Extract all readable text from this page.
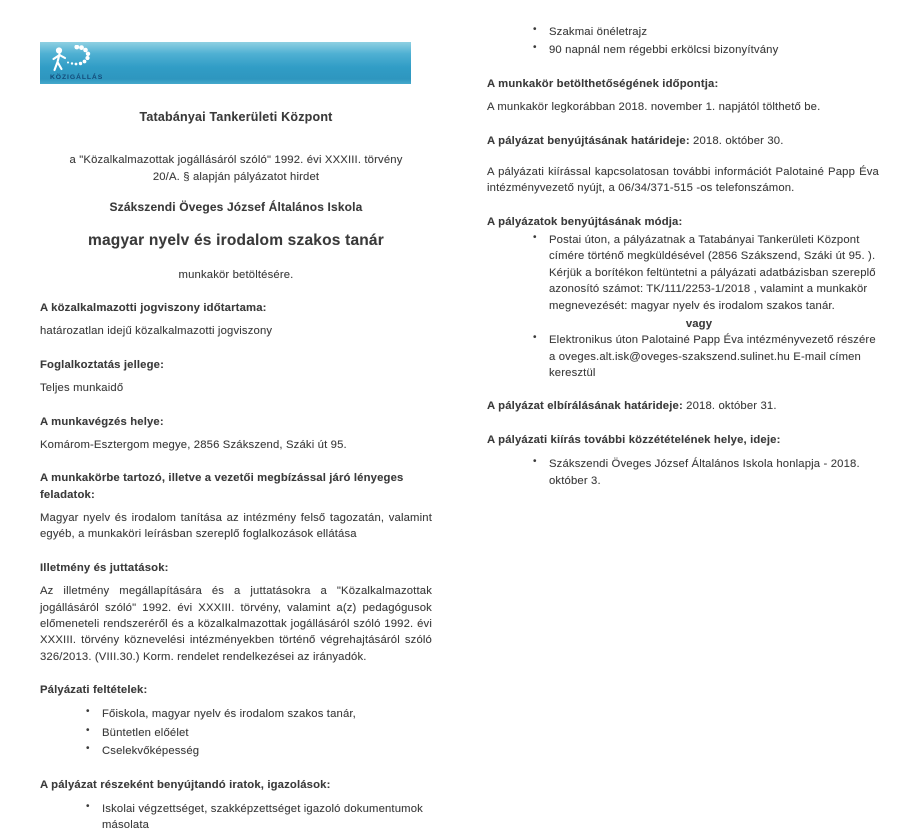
KÖZIGÁLLÁS
Tatabányai Tankerületi Központ

a "Közalkalmazottak jogállásáról szóló" 1992. évi XXXIII. törvény 20/A. § alapján pályázatot hirdet

Szákszendi Öveges József Általános Iskola
magyar nyelv és irodalom szakos tanár

munkakör betöltésére.

A közalkalmazotti jogviszony időtartama:

határozatlan idejű közalkalmazotti jogviszony

Foglalkoztatás jellege:

Teljes munkaidő

A munkavégzés helye:

Komárom-Esztergom megye, 2856 Szákszend, Száki út 95.

A munkakörbe tartozó, illetve a vezetői megbízással járó lényeges feladatok:

Magyar nyelv és irodalom tanítása az intézmény felső tagozatán, valamint egyéb, a munkaköri leírásban szereplő foglalkozások ellátása

Illetmény és juttatások:

Az illetmény megállapítására és a juttatásokra a "Közalkalmazottak jogállásáról szóló" 1992. évi XXXIII. törvény, valamint a(z) pedagógusok előmeneteli rendszeréről és a közalkalmazottak jogállásáról szóló 1992. évi XXXIII. törvény köznevelési intézményekben történő végrehajtásáról szóló 326/2013. (VIII.30.) Korm. rendelet rendelkezései az irányadók.

Pályázati feltételek:

• Főiskola, magyar nyelv és irodalom szakos tanár,
• Büntetlen előélet
• Cselekvőképesség

A pályázat részeként benyújtandó iratok, igazolások:

• Iskolai végzettséget, szakképzettséget igazoló dokumentumok másolata
• Szakmai önéletrajz
• 90 napnál nem régebbi erkölcsi bizonyítvány

A munkakör betölthetőségének időpontja:

A munkakör legkorábban 2018. november 1. napjától tölthető be.

A pályázat benyújtásának határideje: 2018. október 30.

A pályázati kiírással kapcsolatosan további információt Palotainé Papp Éva intézményvezető nyújt, a 06/34/371-515 -os telefonszámon.

A pályázatok benyújtásának módja:

• Postai úton, a pályázatnak a Tatabányai Tankerületi Központ címére történő megküldésével (2856 Szákszend, Száki út 95. ). Kérjük a borítékon feltüntetni a pályázati adatbázisban szereplő azonosító számot: TK/111/2253-1/2018 , valamint a munkakör megnevezését: magyar nyelv és irodalom szakos tanár.

vagy

• Elektronikus úton Palotainé Papp Éva intézményvezető részére a oveges.alt.isk@oveges-szakszend.sulinet.hu E-mail címen keresztül

A pályázat elbírálásának határideje: 2018. október 31.

A pályázati kiírás további közzétételének helye, ideje:

• Szákszendi Öveges József Általános Iskola honlapja - 2018. október 3.
